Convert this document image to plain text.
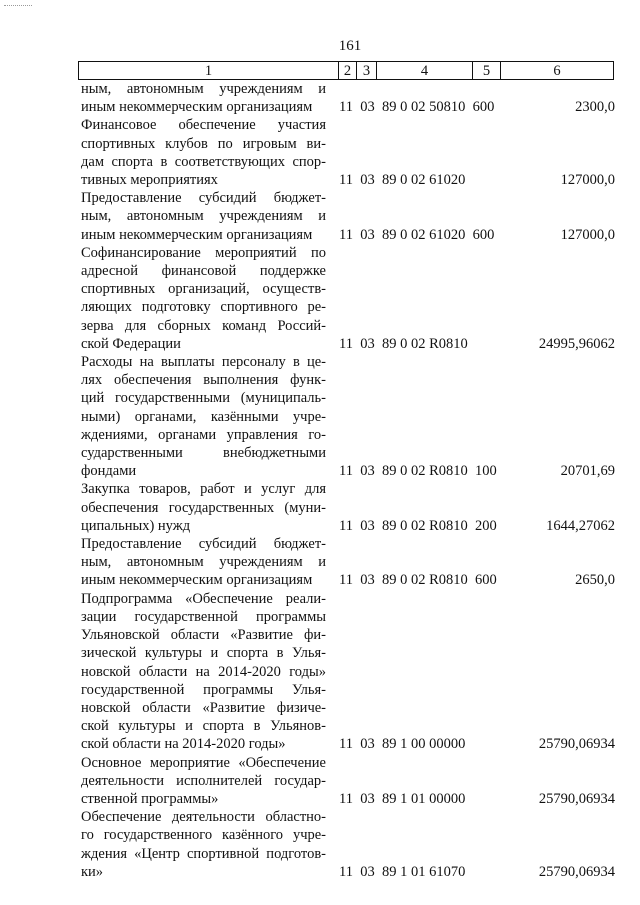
161
1	2	3	4	5	6
ным, автономным учреждениям и
иным некоммерческим организациям	11  03  89 0 02 50810  600	2300,0
Финансовое обеспечение участия
спортивных клубов по игровым ви-
дам спорта в соответствующих спор-
тивных мероприятиях	11  03  89 0 02 61020	127000,0
Предоставление субсидий бюджет-
ным, автономным учреждениям и
иным некоммерческим организациям	11  03  89 0 02 61020  600	127000,0
Софинансирование мероприятий по
адресной финансовой поддержке
спортивных организаций, осуществ-
ляющих подготовку спортивного ре-
зерва для сборных команд Россий-
ской Федерации	11  03  89 0 02 R0810	24995,96062
Расходы на выплаты персоналу в це-
лях обеспечения выполнения функ-
ций государственными (муниципаль-
ными) органами, казёнными учре-
ждениями, органами управления го-
сударственными внебюджетными
фондами	11  03  89 0 02 R0810  100	20701,69
Закупка товаров, работ и услуг для
обеспечения государственных (муни-
ципальных) нужд	11  03  89 0 02 R0810  200	1644,27062
Предоставление субсидий бюджет-
ным, автономным учреждениям и
иным некоммерческим организациям	11  03  89 0 02 R0810  600	2650,0
Подпрограмма «Обеспечение реали-
зации государственной программы
Ульяновской области «Развитие фи-
зической культуры и спорта в Улья-
новской области на 2014-2020 годы»
государственной программы Улья-
новской области «Развитие физиче-
ской культуры и спорта в Ульянов-
ской области на 2014-2020 годы»	11  03  89 1 00 00000	25790,06934
Основное мероприятие «Обеспечение
деятельности исполнителей государ-
ственной программы»	11  03  89 1 01 00000	25790,06934
Обеспечение деятельности областно-
го государственного казённого учре-
ждения «Центр спортивной подготов-
ки»	11  03  89 1 01 61070	25790,06934
